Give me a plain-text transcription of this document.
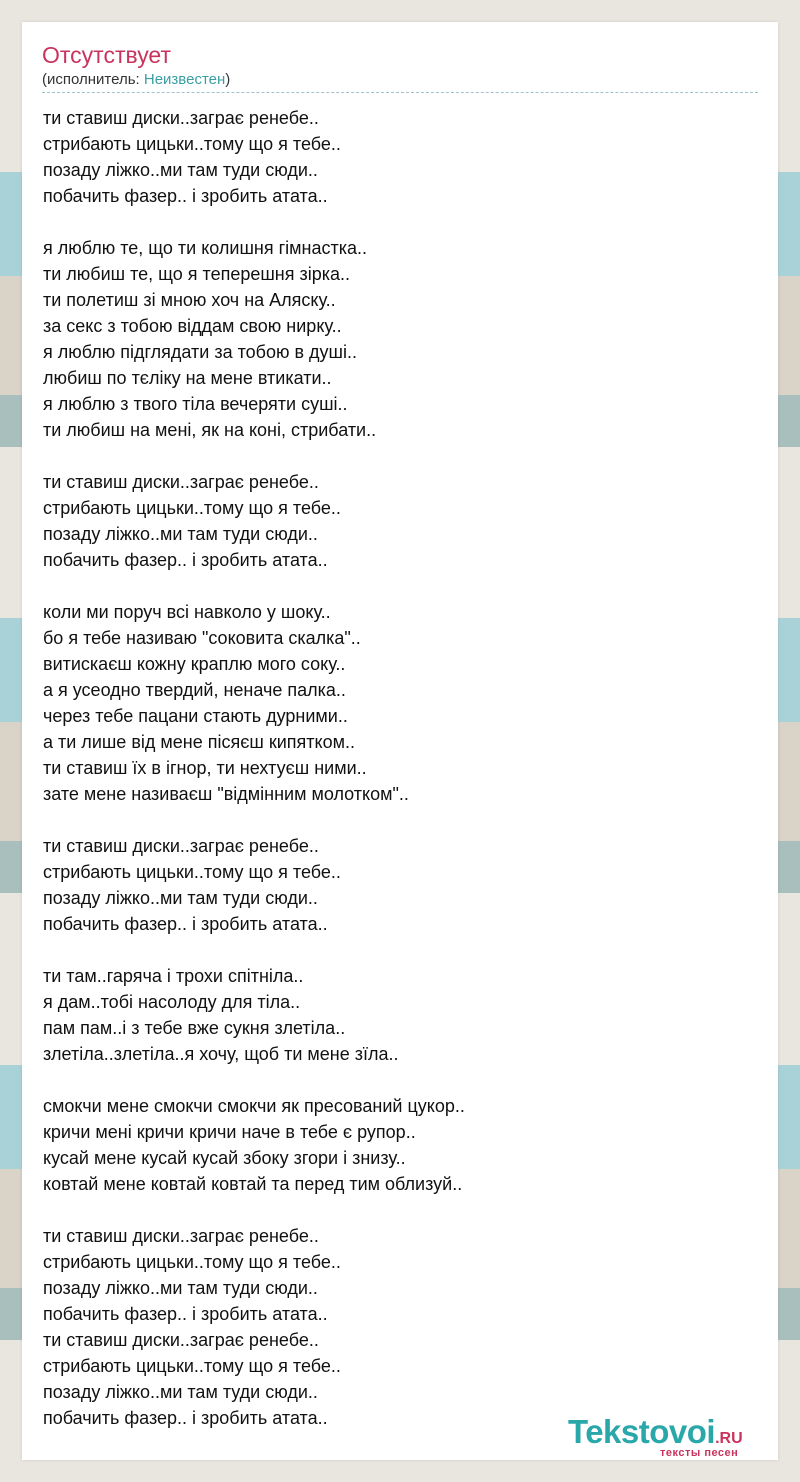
Отсутствует
(исполнитель: Неизвестен)
ти ставиш диски..заграє ренебе..
стрибають цицьки..тому що я тебе..
позаду ліжко..ми там туди сюди..
побачить фазер.. і зробить атата..
я люблю те, що ти колишня гімнастка..
ти любиш те, що я теперешня зірка..
ти полетиш зі мною хоч на Аляску..
за секс з тобою віддам свою нирку..
я люблю підглядати за тобою в душі..
любиш по тєліку на мене втикати..
я люблю з твого тіла вечеряти суші..
ти любиш на мені, як на коні, стрибати..
ти ставиш диски..заграє ренебе..
стрибають цицьки..тому що я тебе..
позаду ліжко..ми там туди сюди..
побачить фазер.. і зробить атата..
коли ми поруч всі навколо у шоку..
бо я тебе називаю "соковита скалка"..
витискаєш кожну краплю мого соку..
а я усеодно твердий, неначе палка..
через тебе пацани стають дурними..
а ти лише від мене пісяєш кипятком..
ти ставиш їх в ігнор, ти нехтуєш ними..
зате мене називаєш "відмінним молотком"..
ти ставиш диски..заграє ренебе..
стрибають цицьки..тому що я тебе..
позаду ліжко..ми там туди сюди..
побачить фазер.. і зробить атата..
ти там..гаряча і трохи спітніла..
я дам..тобі насолоду для тіла..
пам пам..і з тебе вже сукня злетіла..
злетіла..злетіла..я хочу, щоб ти мене зїла..
смокчи мене смокчи смокчи як пресований цукор..
кричи мені кричи кричи наче в тебе є рупор..
кусай мене кусай кусай збоку згори і знизу..
ковтай мене ковтай ковтай та перед тим облизуй..
ти ставиш диски..заграє ренебе..
стрибають цицьки..тому що я тебе..
позаду ліжко..ми там туди сюди..
побачить фазер.. і зробить атата..
ти ставиш диски..заграє ренебе..
стрибають цицьки..тому що я тебе..
позаду ліжко..ми там туди сюди..
побачить фазер.. і зробить атата..	Tekstovoi.RU
тексты песен
